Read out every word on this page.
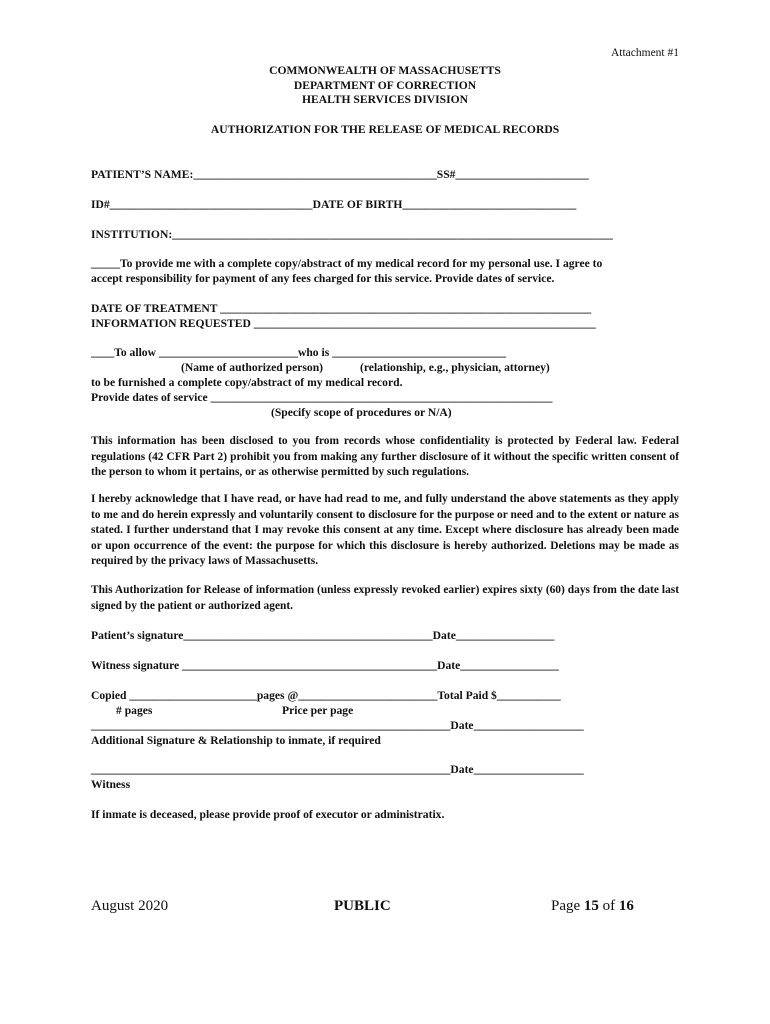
Attachment #1
COMMONWEALTH OF MASSACHUSETTS
DEPARTMENT OF CORRECTION
HEALTH SERVICES DIVISION
AUTHORIZATION FOR THE RELEASE OF MEDICAL RECORDS
PATIENT’S NAME:__________________________________________SS#_______________________
ID#___________________________________DATE OF BIRTH______________________________
INSTITUTION:____________________________________________________________________________
_____To provide me with a complete copy/abstract of my medical record for my personal use. I agree to
accept responsibility for payment of any fees charged for this service. Provide dates of service.
DATE OF TREATMENT ________________________________________________________________
INFORMATION REQUESTED ___________________________________________________________
____To allow ________________________who is ______________________________
(Name of authorized person)	(relationship, e.g., physician, attorney)
to be furnished a complete copy/abstract of my medical record.
Provide dates of service ___________________________________________________________
(Specify scope of procedures or N/A)
This information has been disclosed to you from records whose confidentiality is protected by Federal law. Federal regulations (42 CFR Part 2) prohibit you from making any further disclosure of it without the specific written consent of the person to whom it pertains, or as otherwise permitted by such regulations.
I hereby acknowledge that I have read, or have had read to me, and fully understand the above statements as they apply to me and do herein expressly and voluntarily consent to disclosure for the purpose or need and to the extent or nature as stated. I further understand that I may revoke this consent at any time. Except where disclosure has already been made or upon occurrence of the event: the purpose for which this disclosure is hereby authorized. Deletions may be made as required by the privacy laws of Massachusetts.
This Authorization for Release of information (unless expressly revoked earlier) expires sixty (60) days from the date last signed by the patient or authorized agent.
Patient’s signature___________________________________________Date_________________
Witness signature ____________________________________________Date_________________
Copied ______________________pages @________________________Total Paid $___________
# pages	Price per page
______________________________________________________________Date___________________
Additional Signature & Relationship to inmate, if required
______________________________________________________________Date___________________
Witness
If inmate is deceased, please provide proof of executor or administratix.
August 2020	PUBLIC	Page 15 of 16
